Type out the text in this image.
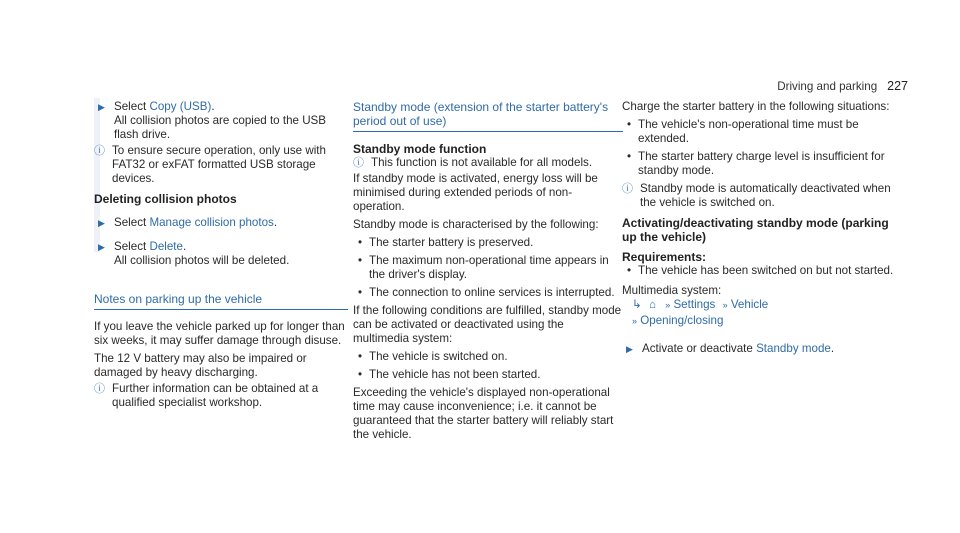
Driving and parking 227
▶ Select Copy (USB).

All collision photos are copied to the USB flash drive.

ⓘ To ensure secure operation, only use with FAT32 or exFAT formatted USB storage devices.

Deleting collision photos
▶ Select Manage collision photos.
▶ Select Delete.

All collision photos will be deleted.

Notes on parking up the vehicle

If you leave the vehicle parked up for longer than six weeks, it may suffer damage through disuse.

The 12 V battery may also be impaired or damaged by heavy discharging.

ⓘ Further information can be obtained at a qualified specialist workshop.

Standby mode (extension of the starter battery's period out of use)
Standby mode function
ⓘ This function is not available for all models.

If standby mode is activated, energy loss will be minimised during extended periods of non-operation.

Standby mode is characterised by the following:

• The starter battery is preserved.
• The maximum non-operational time appears in the driver's display.
• The connection to online services is interrupted.

If the following conditions are fulfilled, standby mode can be activated or deactivated using the multimedia system:

• The vehicle is switched on.
• The vehicle has not been started.

Exceeding the vehicle's displayed non-operational time may cause inconvenience; i.e. it cannot be guaranteed that the starter battery will reliably start the vehicle.

Charge the starter battery in the following situations:

• The vehicle's non-operational time must be extended.
• The starter battery charge level is insufficient for standby mode.
ⓘ Standby mode is automatically deactivated when the vehicle is switched on.

Activating/deactivating standby mode (parking up the vehicle)
Requirements:
• The vehicle has been switched on but not started.

Multimedia system:

↳ ⌂ » Settings » Vehicle
» Opening/closing
▶ Activate or deactivate Standby mode.
